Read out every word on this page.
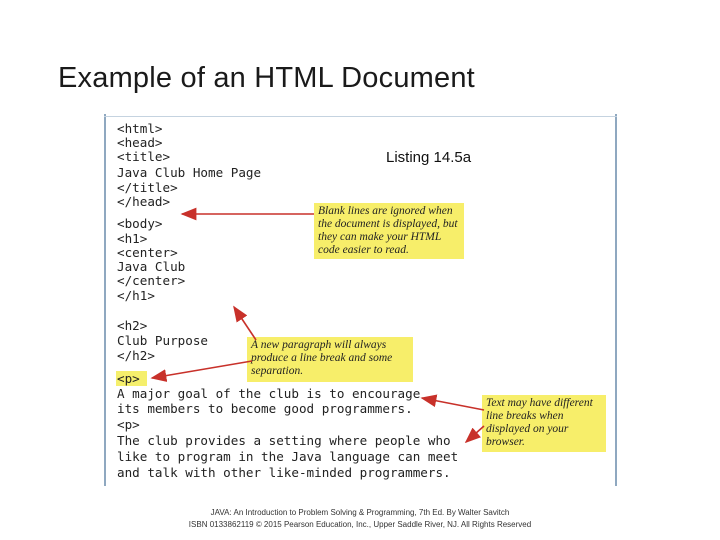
Example of an HTML Document
<html>
<head>
<title>
Java Club Home Page
</title>
</head>
<body>
<h1>
<center>
Java Club
</center>
</h1>
<h2>
Club Purpose
</h2>
<p>
A major goal of the club is to encourage
its members to become good programmers.
<p>
The club provides a setting where people who
like to program in the Java language can meet
and talk with other like-minded programmers.
Listing 14.5a
Blank lines are ignored when the document is displayed, but they can make your HTML code easier to read.
A new paragraph will always produce a line break and some separation.
Text may have different line breaks when displayed on your browser.
JAVA: An Introduction to Problem Solving & Programming, 7th Ed. By Walter Savitch
ISBN 0133862119 © 2015 Pearson Education, Inc., Upper Saddle River, NJ. All Rights Reserved
